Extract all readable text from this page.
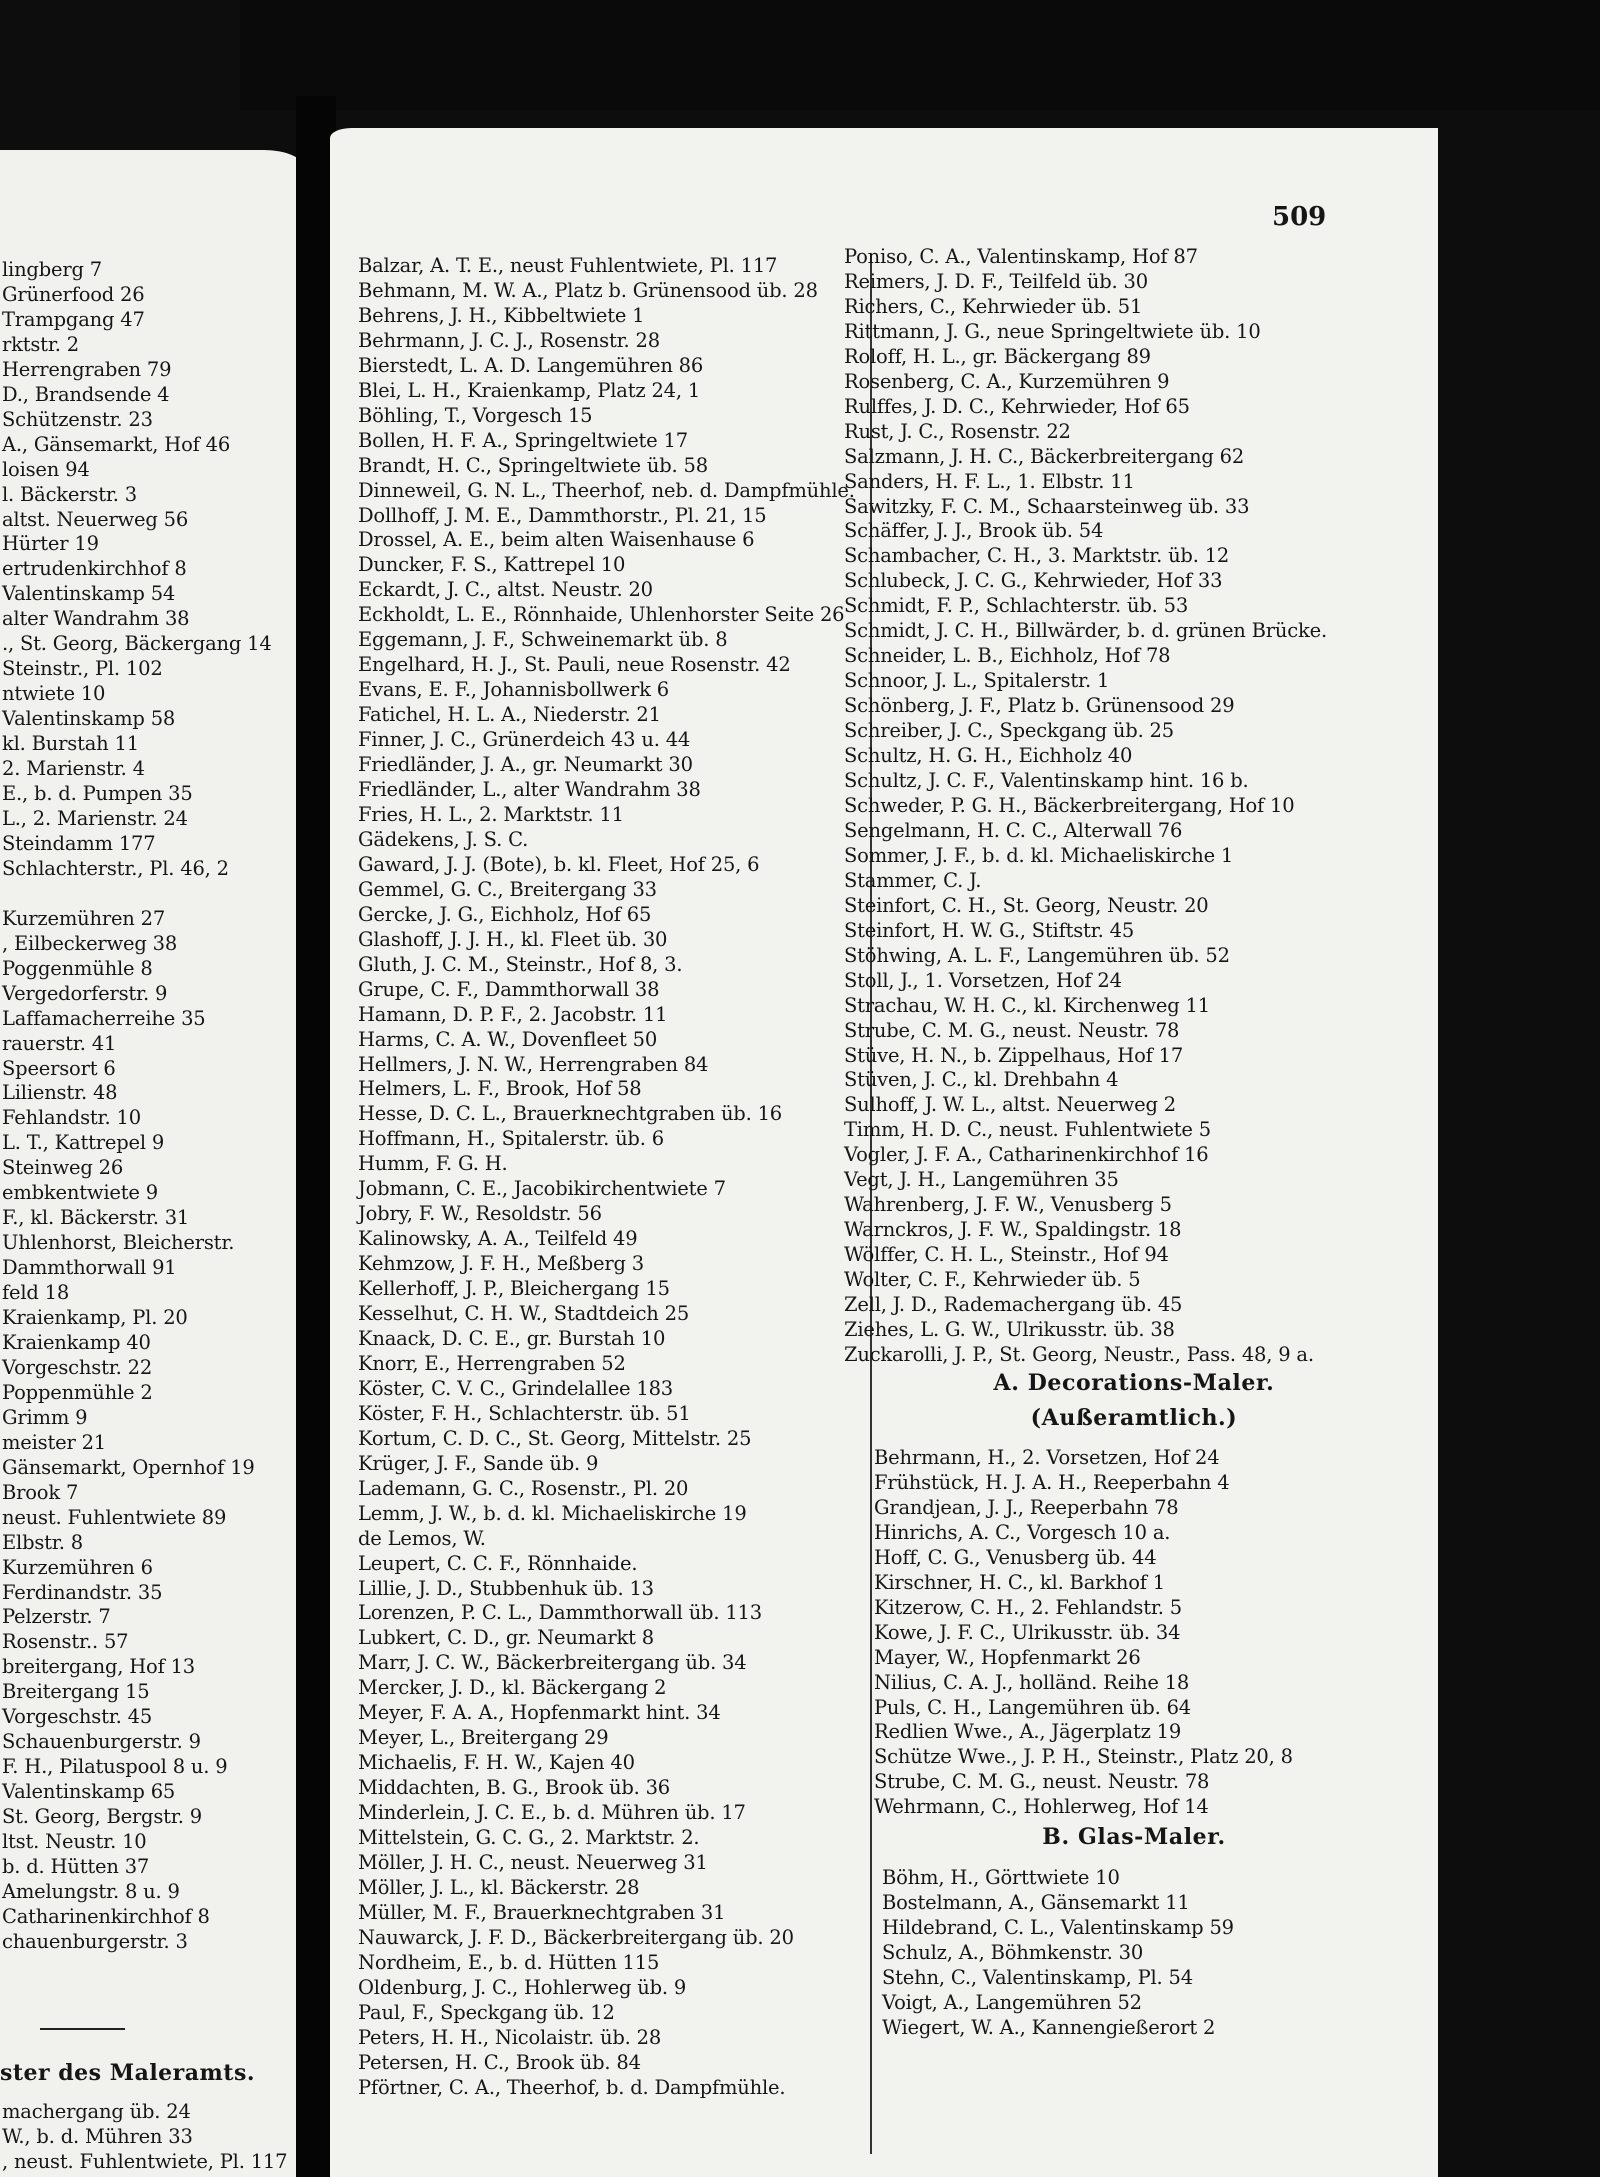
lingberg 7
Grünerfood 26
Trampgang 47
rktstr. 2
Herrengraben 79
D., Brandsende 4
Schützenstr. 23
A., Gänsemarkt, Hof 46
loisen 94
l. Bäckerstr. 3
altst. Neuerweg 56
Hürter 19
ertrudenkirchhof 8
Valentinskamp 54
alter Wandrahm 38
., St. Georg, Bäckergang 14
Steinstr., Pl. 102
ntwiete 10
Valentinskamp 58
kl. Burstah 11
2. Marienstr. 4
E., b. d. Pumpen 35
L., 2. Marienstr. 24
Steindamm 177
Schlachterstr., Pl. 46, 2

Kurzemühren 27
, Eilbeckerweg 38
Poggenmühle 8
Vergedorferstr. 9
Laffamacherreihe 35
rauerstr. 41
Speersort 6
Lilienstr. 48
Fehlandstr. 10
L. T., Kattrepel 9
Steinweg 26
embkentwiete 9
F., kl. Bäckerstr. 31
Uhlenhorst, Bleicherstr.
Dammthorwall 91
feld 18
Kraienkamp, Pl. 20
Kraienkamp 40
Vorgeschstr. 22
Poppenmühle 2
Grimm 9
meister 21
Gänsemarkt, Opernhof 19
Brook 7
neust. Fuhlentwiete 89
Elbstr. 8
Kurzemühren 6
Ferdinandstr. 35
Pelzerstr. 7
Rosenstr.. 57
breitergang, Hof 13
Breitergang 15
Vorgeschstr. 45
Schauenburgerstr. 9
F. H., Pilatuspool 8 u. 9
Valentinskamp 65
St. Georg, Bergstr. 9
ltst. Neustr. 10
b. d. Hütten 37
Amelungstr. 8 u. 9
Catharinenkirchhof 8
chauenburgerstr. 3
ster des Maleramts.
machergang üb. 24
W., b. d. Mühren 33
, neust. Fuhlentwiete, Pl. 117
509
Balzar, A. T. E., neust Fuhlentwiete, Pl. 117
Behmann, M. W. A., Platz b. Grünensood üb. 28
Behrens, J. H., Kibbeltwiete 1
Behrmann, J. C. J., Rosenstr. 28
Bierstedt, L. A. D. Langemühren 86
Blei, L. H., Kraienkamp, Platz 24, 1
Böhling, T., Vorgesch 15
Bollen, H. F. A., Springeltwiete 17
Brandt, H. C., Springeltwiete üb. 58
Dinneweil, G. N. L., Theerhof, neb. d. Dampfmühle.
Dollhoff, J. M. E., Dammthorstr., Pl. 21, 15
Drossel, A. E., beim alten Waisenhause 6
Duncker, F. S., Kattrepel 10
Eckardt, J. C., altst. Neustr. 20
Eckholdt, L. E., Rönnhaide, Uhlenhorster Seite 26
Eggemann, J. F., Schweinemarkt üb. 8
Engelhard, H. J., St. Pauli, neue Rosenstr. 42
Evans, E. F., Johannisbollwerk 6
Fatichel, H. L. A., Niederstr. 21
Finner, J. C., Grünerdeich 43 u. 44
Friedländer, J. A., gr. Neumarkt 30
Friedländer, L., alter Wandrahm 38
Fries, H. L., 2. Marktstr. 11
Gädekens, J. S. C.
Gaward, J. J. (Bote), b. kl. Fleet, Hof 25, 6
Gemmel, G. C., Breitergang 33
Gercke, J. G., Eichholz, Hof 65
Glashoff, J. J. H., kl. Fleet üb. 30
Gluth, J. C. M., Steinstr., Hof 8, 3.
Grupe, C. F., Dammthorwall 38
Hamann, D. P. F., 2. Jacobstr. 11
Harms, C. A. W., Dovenfleet 50
Hellmers, J. N. W., Herrengraben 84
Helmers, L. F., Brook, Hof 58
Hesse, D. C. L., Brauerknechtgraben üb. 16
Hoffmann, H., Spitalerstr. üb. 6
Humm, F. G. H.
Jobmann, C. E., Jacobikirchentwiete 7
Jobry, F. W., Resoldstr. 56
Kalinowsky, A. A., Teilfeld 49
Kehmzow, J. F. H., Meßberg 3
Kellerhoff, J. P., Bleichergang 15
Kesselhut, C. H. W., Stadtdeich 25
Knaack, D. C. E., gr. Burstah 10
Knorr, E., Herrengraben 52
Köster, C. V. C., Grindelallee 183
Köster, F. H., Schlachterstr. üb. 51
Kortum, C. D. C., St. Georg, Mittelstr. 25
Krüger, J. F., Sande üb. 9
Lademann, G. C., Rosenstr., Pl. 20
Lemm, J. W., b. d. kl. Michaeliskirche 19
de Lemos, W.
Leupert, C. C. F., Rönnhaide.
Lillie, J. D., Stubbenhuk üb. 13
Lorenzen, P. C. L., Dammthorwall üb. 113
Lubkert, C. D., gr. Neumarkt 8
Marr, J. C. W., Bäckerbreitergang üb. 34
Mercker, J. D., kl. Bäckergang 2
Meyer, F. A. A., Hopfenmarkt hint. 34
Meyer, L., Breitergang 29
Michaelis, F. H. W., Kajen 40
Middachten, B. G., Brook üb. 36
Minderlein, J. C. E., b. d. Mühren üb. 17
Mittelstein, G. C. G., 2. Marktstr. 2.
Möller, J. H. C., neust. Neuerweg 31
Möller, J. L., kl. Bäckerstr. 28
Müller, M. F., Brauerknechtgraben 31
Nauwarck, J. F. D., Bäckerbreitergang üb. 20
Nordheim, E., b. d. Hütten 115
Oldenburg, J. C., Hohlerweg üb. 9
Paul, F., Speckgang üb. 12
Peters, H. H., Nicolaistr. üb. 28
Petersen, H. C., Brook üb. 84
Pförtner, C. A., Theerhof, b. d. Dampfmühle.
Poniso, C. A., Valentinskamp, Hof 87
Reimers, J. D. F., Teilfeld üb. 30
Richers, C., Kehrwieder üb. 51
Rittmann, J. G., neue Springeltwiete üb. 10
Roloff, H. L., gr. Bäckergang 89
Rosenberg, C. A., Kurzemühren 9
Rulffes, J. D. C., Kehrwieder, Hof 65
Rust, J. C., Rosenstr. 22
Salzmann, J. H. C., Bäckerbreitergang 62
Sanders, H. F. L., 1. Elbstr. 11
Sawitzky, F. C. M., Schaarsteinweg üb. 33
Schäffer, J. J., Brook üb. 54
Schambacher, C. H., 3. Marktstr. üb. 12
Schlubeck, J. C. G., Kehrwieder, Hof 33
Schmidt, F. P., Schlachterstr. üb. 53
Schmidt, J. C. H., Billwärder, b. d. grünen Brücke.
Schneider, L. B., Eichholz, Hof 78
Schnoor, J. L., Spitalerstr. 1
Schönberg, J. F., Platz b. Grünensood 29
Schreiber, J. C., Speckgang üb. 25
Schultz, H. G. H., Eichholz 40
Schultz, J. C. F., Valentinskamp hint. 16 b.
Schweder, P. G. H., Bäckerbreitergang, Hof 10
Sengelmann, H. C. C., Alterwall 76
Sommer, J. F., b. d. kl. Michaeliskirche 1
Stammer, C. J.
Steinfort, C. H., St. Georg, Neustr. 20
Steinfort, H. W. G., Stiftstr. 45
Stöhwing, A. L. F., Langemühren üb. 52
Stoll, J., 1. Vorsetzen, Hof 24
Strachau, W. H. C., kl. Kirchenweg 11
Strube, C. M. G., neust. Neustr. 78
Stüve, H. N., b. Zippelhaus, Hof 17
Stüven, J. C., kl. Drehbahn 4
Sulhoff, J. W. L., altst. Neuerweg 2
Timm, H. D. C., neust. Fuhlentwiete 5
Vogler, J. F. A., Catharinenkirchhof 16
Vegt, J. H., Langemühren 35
Wahrenberg, J. F. W., Venusberg 5
Warnckros, J. F. W., Spaldingstr. 18
Wölffer, C. H. L., Steinstr., Hof 94
Wolter, C. F., Kehrwieder üb. 5
Zell, J. D., Rademachergang üb. 45
Ziehes, L. G. W., Ulrikusstr. üb. 38
Zuckarolli, J. P., St. Georg, Neustr., Pass. 48, 9 a.
A. Decorations-Maler.
(Außeramtlich.)
Behrmann, H., 2. Vorsetzen, Hof 24
Frühstück, H. J. A. H., Reeperbahn 4
Grandjean, J. J., Reeperbahn 78
Hinrichs, A. C., Vorgesch 10 a.
Hoff, C. G., Venusberg üb. 44
Kirschner, H. C., kl. Barkhof 1
Kitzerow, C. H., 2. Fehlandstr. 5
Kowe, J. F. C., Ulrikusstr. üb. 34
Mayer, W., Hopfenmarkt 26
Nilius, C. A. J., holländ. Reihe 18
Puls, C. H., Langemühren üb. 64
Redlien Wwe., A., Jägerplatz 19
Schütze Wwe., J. P. H., Steinstr., Platz 20, 8
Strube, C. M. G., neust. Neustr. 78
Wehrmann, C., Hohlerweg, Hof 14
B. Glas-Maler.
Böhm, H., Görttwiete 10
Bostelmann, A., Gänsemarkt 11
Hildebrand, C. L., Valentinskamp 59
Schulz, A., Böhmkenstr. 30
Stehn, C., Valentinskamp, Pl. 54
Voigt, A., Langemühren 52
Wiegert, W. A., Kannengießerort 2
